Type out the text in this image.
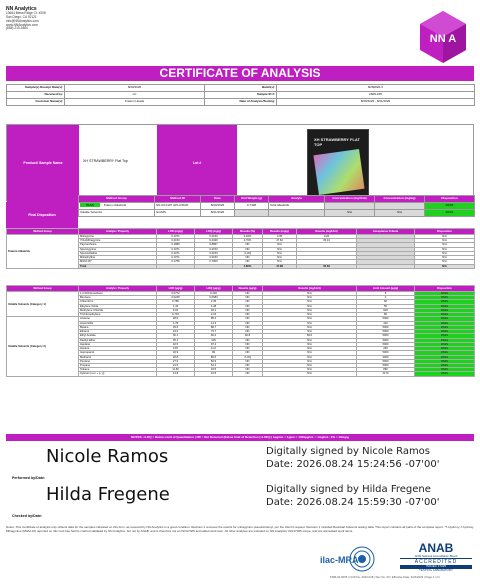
NN Analytics
10664 Mesa Ridge Ct. #208
San Diego, CA 92121
info@NNAnalytics.com
www.NNAnalytics.com
(858) 215-1864
NN A
CERTIFICATE OF ANALYSIS
Sample(s) Receipt Date(s):	8/20/2026	Batch(s):	B260820-3
Received by:	LC	Sample ID #:	2608-158
Customer Name(s):	Kratom Heads	Date of Analysis/Testing:	8/20/2026 - 8/21/2026
Product/ Sample Name
XH STRAWBERRY Flat Top
Lot #
XH STRAWBERRY FLAT TOP
Final Disposition
Method Group	Method ID	Date	Unit Weight (g)	Analyte	Concentration (mg/Unit)	Concentration (mg/kg)	Disposition
PASS Kratom Alkaloids	NN-03-0107 HPLC/DAD	8/20/2026	0.7438	Total Alkaloids			PASS
Volatile Solvents	GC/MS	8/21/2026			N/A	N/A	PASS
Method Group	Analyte / Property	LOD (mg/g)	LOQ (mg/g)	Results (%)	Results (mg/g)	Results (mg/Unit)	Acceptance Criteria	Disposition
Kratom Alkaloids	Mitragynine	0.1071	0.2153	0.04%	0.35	0.26		N/A
	7OH-Mitragynine	0.2153	0.4329	4.76%	47.62	35.43		N/A
	Paynantheine	0.1889	0.8867	ND	N/A			N/A
	Speciogynine	0.1071	0.2153	ND	N/A			N/A
	Speciociliatine	0.1071	0.2153	<LOQ	N/A			N/A
	Mitraphylline	0.1071	0.2153	ND	N/A			N/A
	MGM-16*	0.1756	0.7000	ND	N/A			N/A
	Total			4.80%	47.98	35.69		N/A
Method Group	Analyte / Property	LOD (µg/g)	LOQ (µg/g)	Results (µg/g)	Results (mg/Unit)	Limit Amount (µg/g)	Disposition
Volatile Solvents (Category 1)	1,2-Dichloroethane	0.0772	0.232	ND	N/A	5	PASS
	Benzene	0.0228	0.0683	ND	N/A	2	PASS
	Chloroform	0.786	2.36	ND	N/A	60	PASS
	Ethylene Oxide	1.43	4.28	ND	N/A	50	PASS
	Methylene Chloride	6.04	18.1	ND	N/A	600	PASS
	Trichloroethylene	0.719	2.16	ND	N/A	80	PASS
Volatile Solvents (Category 2)	Acetone	28.5	85.4	ND	N/A	5000	PASS
	Acetonitrile	4.78	14.3	ND	N/A	410	PASS
	Butane	29.6	88.7	ND	N/A	5000	PASS
	Ethanol	24.6	73.7	ND	N/A	5000	PASS
	Ethyl Acetate	30.1	90.2	92.8	69.0	5000	PASS
	Diethyl Ether	35.1	105	ND	N/A	5000	PASS
	Heptane	32.5	97.4	ND	N/A	5000	PASS
	Hexane	3.87	11.6	ND	N/A	290	PASS
	Isopropanol	32.9	99	ND	N/A	5000	PASS
	Methanol	26.8	80.5	<LOQ	N/A	3000	PASS
	Pentane	27.6	82.9	ND	N/A	5000	PASS
	Propane	21.5	64.4	ND	N/A	5000	PASS
	Toluene	11.50	34.5	ND	N/A	890	PASS
	Xylenes (o-m + p- g)	14.8	44.5	ND	N/A	2170	PASS
NOTES: <LOQ = Below Limit of Quantitation | ND = Not Detected (Below limit of Detection (<LOD)) | 1µg/mL = 1ppm = 1000µg/mL = 1mg/mL; 1% = 10mg/g
Nicole Ramos	Digitally signed by Nicole Ramos
Date: 2026.08.24 15:24:56 -07'00'
Performed by/Date:
Hilda Fregene	Digitally signed by Hilda Fregene
Date: 2026.08.24 15:59:30 -07'00'
Checked by/Date:
Notes: This Certificate of analysis only reflects data for the samples indicated on this form, as received by NN Analytics in a good condition. Revision 1 removes the results for mitragynine pseudoindoxyl, per the client's request. Revision 1 included Residual Solvents testing data. This report contains all parts of the complete report. *7-Hydroxy-7-hydroxy Mitragynine (MGM-16) reported on this CoA has had its method validated by NN Analytics, but not by ANAB, and is therefore not an ISO17025 accredited work item. All other analytes are included on NN Analytics' ISO17025 scope, and are accredited work items.
ilac-MRA
ANAB
ANSI National Accreditation Board
ACCREDITED
ISO/IEC 17025
TESTING LABORATORY
FRM-04-0005 | CCR No. 2023-018 | Rev No. 03 | Effective Date: 3/24/2023 | Page 1 of 1
